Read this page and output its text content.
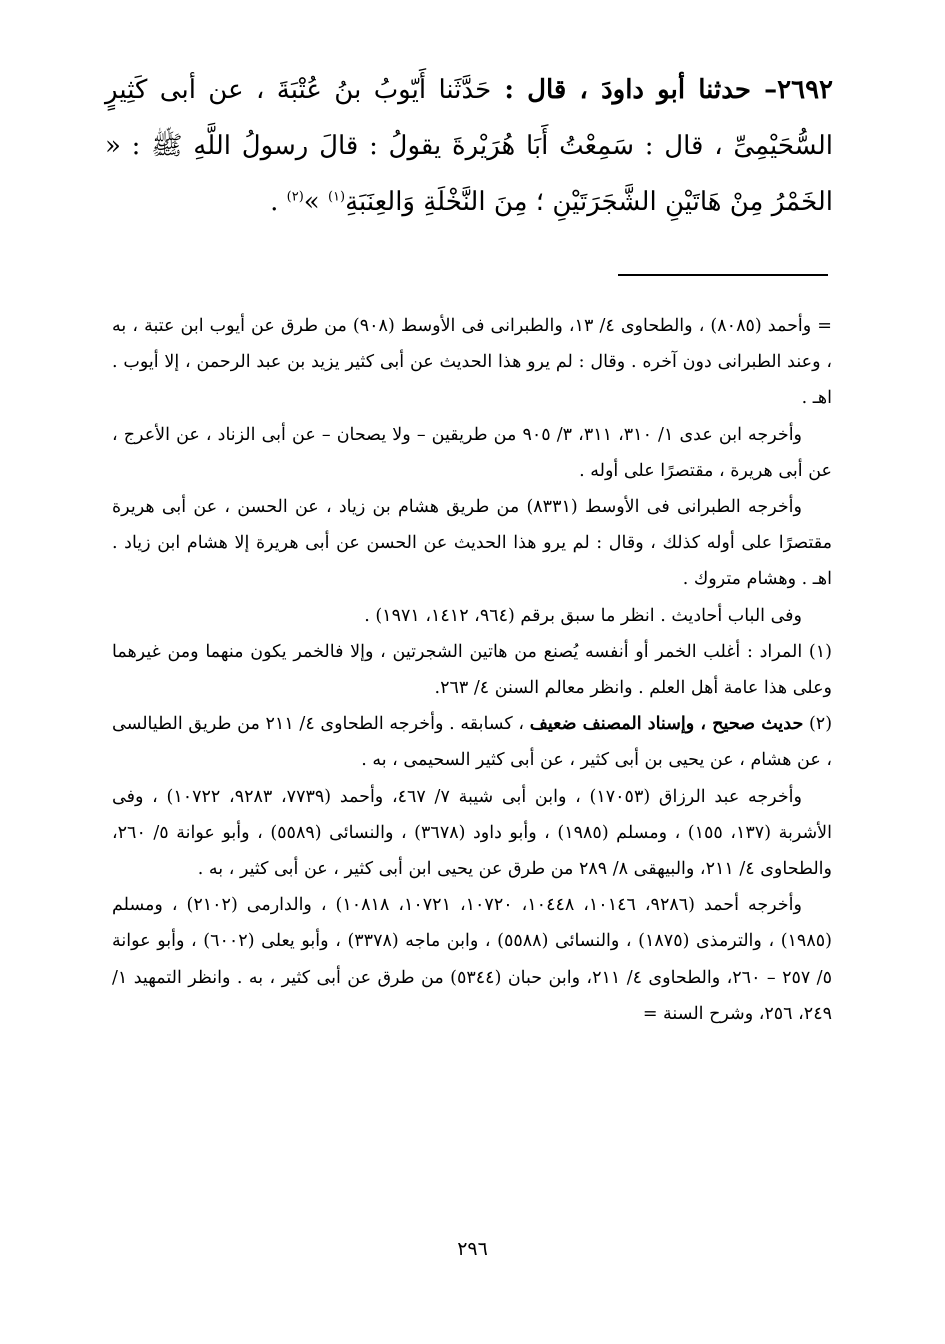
٢٦٩٢– حدثنا أبو داودَ ، قال : حَدَّثَنا أَيّوبُ بنُ عُتْبَةَ ، عن أبى كَثِيرٍ السُّحَيْمِىِّ ، قال : سَمِعْتُ أَبَا هُرَيْرةَ يقولُ : قالَ رسولُ اللَّهِ ﷺ : « الخَمْرُ مِنْ هَاتَيْنِ الشَّجَرَتَيْنِ ؛ مِنَ النَّخْلَةِ وَالعِنَبَةِ$^{(١)}$ »$^{(٢)}$ .

= وأحمد (٨٠٨٥) ، والطحاوى ٤/ ١٣، والطبرانى فى الأوسط (٩٠٨) من طرق عن أيوب ابن عتبة ، به ، وعند الطبرانى دون آخره . وقال : لم يرو هذا الحديث عن أبى كثير يزيد بن عبد الرحمن ، إلا أيوب . اهـ .

وأخرجه ابن عدى ١/ ٣١٠، ٣١١، ٣/ ٩٠٥ من طريقين – ولا يصحان – عن أبى الزناد ، عن الأعرج ، عن أبى هريرة ، مقتصرًا على أوله .

وأخرجه الطبرانى فى الأوسط (٨٣٣١) من طريق هشام بن زياد ، عن الحسن ، عن أبى هريرة مقتصرًا على أوله كذلك ، وقال : لم يرو هذا الحديث عن الحسن عن أبى هريرة إلا هشام ابن زياد . اهـ . وهشام متروك .

وفى الباب أحاديث . انظر ما سبق برقم (٩٦٤، ١٤١٢، ١٩٧١) .

(١) المراد : أغلب الخمر أو أنفسه يُصنع من هاتين الشجرتين ، وإلا فالخمر يكون منهما ومن غيرهما وعلى هذا عامة أهل العلم . وانظر معالم السنن ٤/ ٢٦٣.

(٢) حديث صحيح ، وإسناد المصنف ضعيف ، كسابقه . وأخرجه الطحاوى ٤/ ٢١١ من طريق الطيالسى ، عن هشام ، عن يحيى بن أبى كثير ، عن أبى كثير السحيمى ، به .

وأخرجه عبد الرزاق (١٧٠٥٣) ، وابن أبى شيبة ٧/ ٤٦٧، وأحمد (٧٧٣٩، ٩٢٨٣، ١٠٧٢٢) ، وفى الأشربة (١٣٧، ١٥٥) ، ومسلم (١٩٨٥) ، وأبو داود (٣٦٧٨) ، والنسائى (٥٥٨٩) ، وأبو عوانة ٥/ ٢٦٠، والطحاوى ٤/ ٢١١، والبيهقى ٨/ ٢٨٩ من طرق عن يحيى ابن أبى كثير ، عن أبى كثير ، به .

وأخرجه أحمد (٩٢٨٦، ١٠١٤٦، ١٠٤٤٨، ١٠٧٢٠، ١٠٧٢١، ١٠٨١٨) ، والدارمى (٢١٠٢) ، ومسلم (١٩٨٥) ، والترمذى (١٨٧٥) ، والنسائى (٥٥٨٨) ، وابن ماجه (٣٣٧٨) ، وأبو يعلى (٦٠٠٢) ، وأبو عوانة ٥/ ٢٥٧ – ٢٦٠، والطحاوى ٤/ ٢١١، وابن حبان (٥٣٤٤) من طرق عن أبى كثير ، به . وانظر التمهيد ١/ ٢٤٩، ٢٥٦، وشرح السنة =

٢٩٦
